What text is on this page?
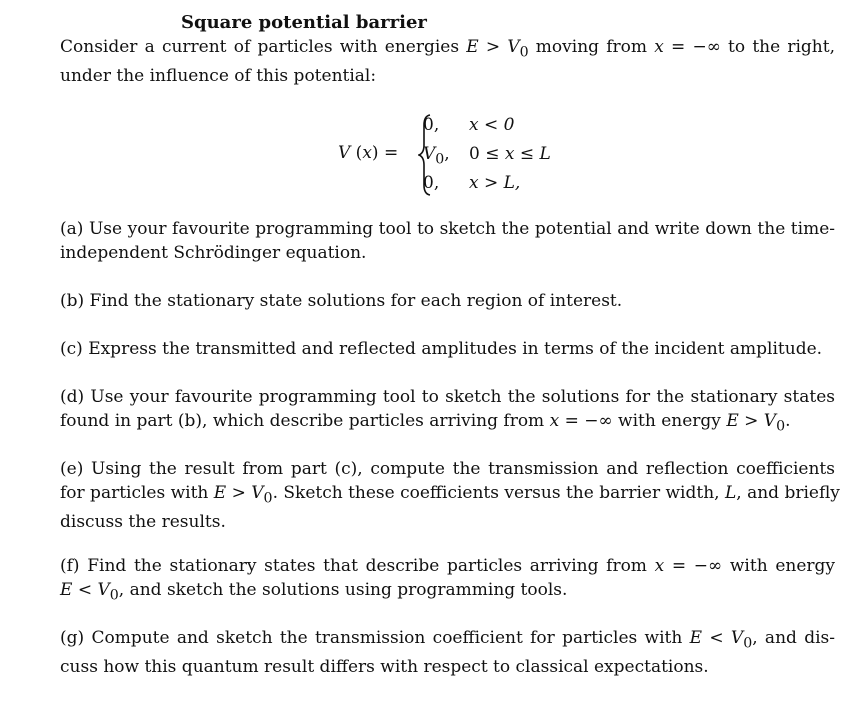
Square potential barrier
Consider a current of particles with energies $E > V_0$ moving from x = −∞ to the right,
under the influence of this potential:
V (x) =
0, x < 0
$V_0$, 0 ≤ x ≤ L
0, x > L,
(a) Use your favourite programming tool to sketch the potential and write down the time-
independent Schrödinger equation.
(b) Find the stationary state solutions for each region of interest.
(c) Express the transmitted and reflected amplitudes in terms of the incident amplitude.
(d) Use your favourite programming tool to sketch the solutions for the stationary states
found in part (b), which describe particles arriving from x = −∞ with energy $E > V_0$.
(e) Using the result from part (c), compute the transmission and reflection coefficients
for particles with $E > V_0$. Sketch these coefficients versus the barrier width, L, and briefly
discuss the results.
(f) Find the stationary states that describe particles arriving from x = −∞ with energy
$E < V_0$, and sketch the solutions using programming tools.
(g) Compute and sketch the transmission coefficient for particles with $E < V_0$, and dis-
cuss how this quantum result differs with respect to classical expectations.
